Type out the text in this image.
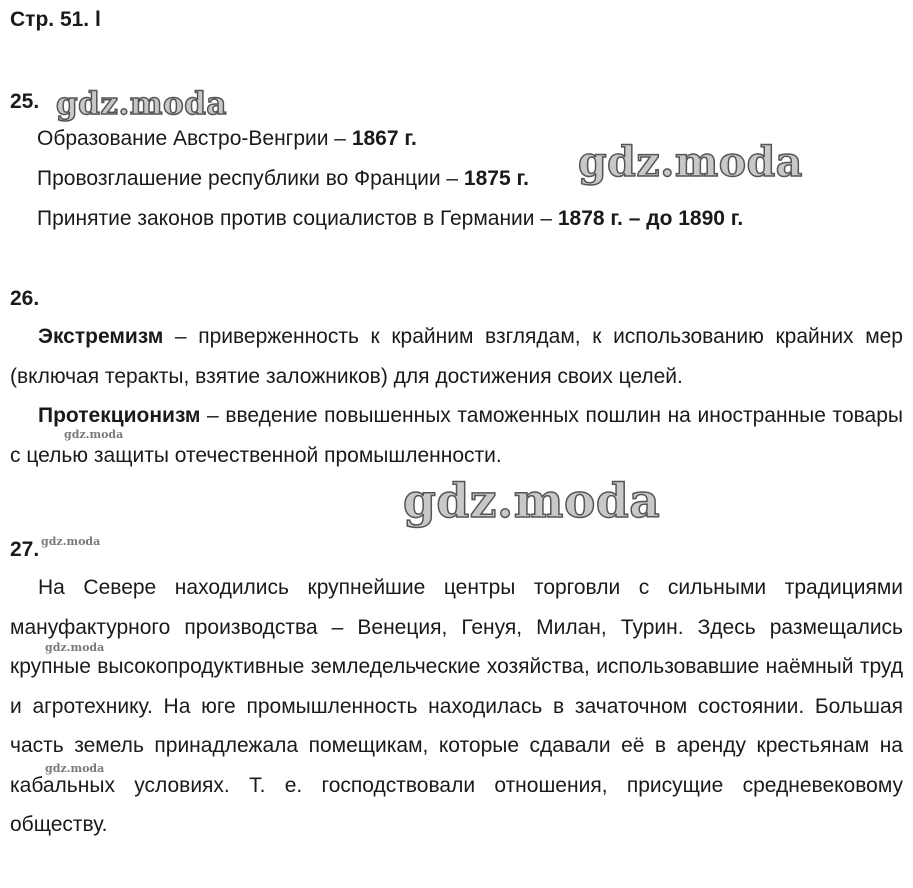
Стр. 51. l
25.
Образование Австро-Венгрии – 1867 г.
Провозглашение республики во Франции – 1875 г.
Принятие законов против социалистов в Германии – 1878 г. – до 1890 г.
26.

Экстремизм – приверженность к крайним взглядам, к использованию крайних мер (включая теракты, взятие заложников) для достижения своих целей.

Протекционизм – введение повышенных таможенных пошлин на иностранные товары с целью защиты отечественной промышленности.

27.

На Севере находились крупнейшие центры торговли с сильными традициями мануфактурного производства – Венеция, Генуя, Милан, Турин. Здесь размещались крупные высокопродуктивные земледельческие хозяйства, использовавшие наёмный труд и агротехнику. На юге промышленность находилась в зачаточном состоянии. Большая часть земель принадлежала помещикам, которые сдавали её в аренду крестьянам на кабальных условиях. Т. е. господствовали отношения, присущие средневековому обществу.

gdz.moda
gdz.moda
gdz.moda
gdz.moda
gdz.moda
gdz.moda
gdz.moda
